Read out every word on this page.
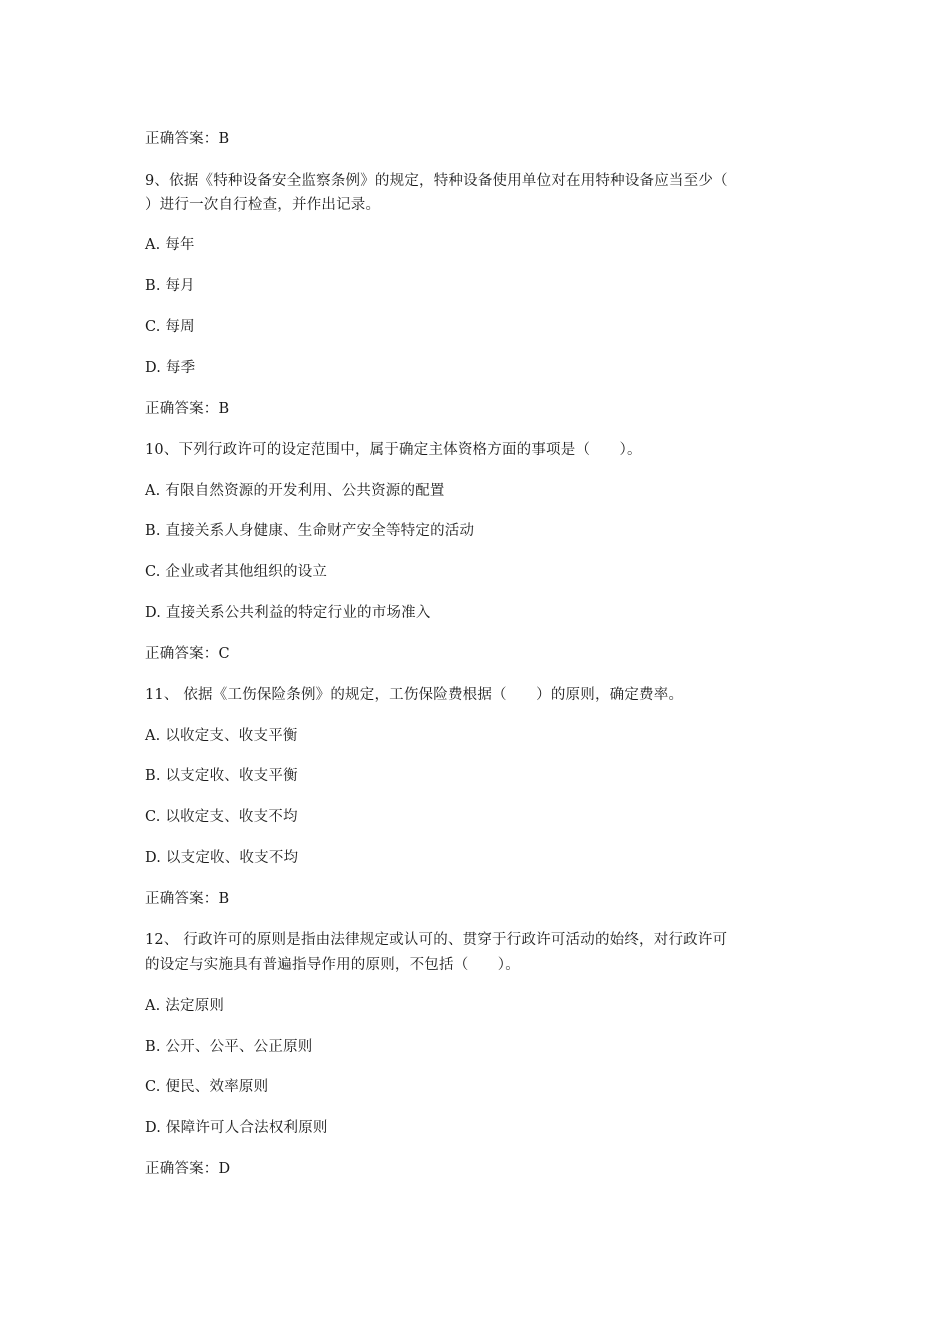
正确答案：B

9、依据《特种设备安全监察条例》的规定，特种设备使用单位对在用特种设备应当至少（

）进行一次自行检查，并作出记录。

A. 每年

B. 每月

C. 每周

D. 每季

正确答案：B

10、下列行政许可的设定范围中，属于确定主体资格方面的事项是（　　）。

A. 有限自然资源的开发利用、公共资源的配置

B. 直接关系人身健康、生命财产安全等特定的活动

C. 企业或者其他组织的设立

D. 直接关系公共利益的特定行业的市场准入

正确答案：C

11、 依据《工伤保险条例》的规定，工伤保险费根据（　　）的原则，确定费率。

A. 以收定支、收支平衡

B. 以支定收、收支平衡

C. 以收定支、收支不均

D. 以支定收、收支不均

正确答案：B

12、 行政许可的原则是指由法律规定或认可的、贯穿于行政许可活动的始终，对行政许可

的设定与实施具有普遍指导作用的原则，不包括（　　）。

A. 法定原则

B. 公开、公平、公正原则

C. 便民、效率原则

D. 保障许可人合法权利原则

正确答案：D
